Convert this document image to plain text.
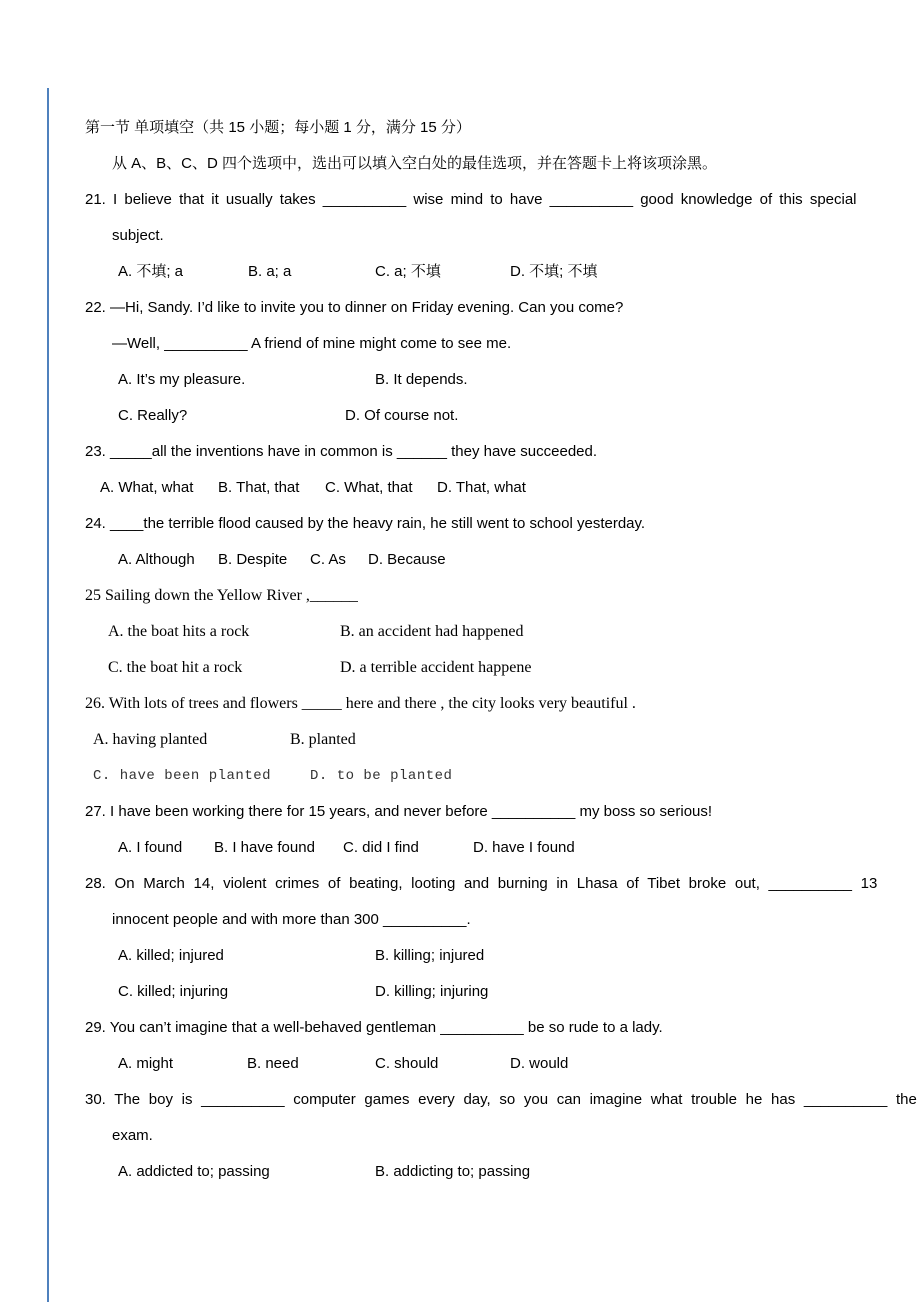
第一节 单项填空（共 15 小题；每小题 1 分，满分 15 分）
从 A、B、C、D 四个选项中，选出可以填入空白处的最佳选项，并在答题卡上将该项涂黑。
21. I believe that it usually takes __________ wise mind to have __________ good knowledge of this special
subject.
A. 不填; a	B. a; a	C. a; 不填	D. 不填; 不填
22. —Hi, Sandy. I’d like to invite you to dinner on Friday evening. Can you come?
—Well, __________ A friend of mine might come to see me.
A. It’s my pleasure.	B. It depends.
C. Really?	D. Of course not.
23. _____all the inventions have in common is ______ they have succeeded.
A. What, what B. That, that C. What, that D. That, what
24. ____the terrible flood caused by the heavy rain, he still went to school yesterday.
A. Although B. Despite C. As D. Because
25 Sailing down the Yellow River ,______
A. the boat hits a rock	B. an accident had happened
C. the boat hit a rock	D. a terrible accident happene
26. With lots of trees and flowers _____ here and there , the city looks very beautiful .
A. having planted	B. planted
C. have been planted	D. to be planted
27. I have been working there for 15 years, and never before __________ my boss so serious!
A. I found B. I have found C. did I find	D. have I found
28. On March 14, violent crimes of beating, looting and burning in Lhasa of Tibet broke out, __________ 13
innocent people and with more than 300 __________.
A. killed; injured	B. killing; injured
C. killed; injuring	D. killing; injuring
29. You can’t imagine that a well-behaved gentleman __________ be so rude to a lady.
A. might	B. need	C. should	D. would
30. The boy is __________ computer games every day, so you can imagine what trouble he has __________ the
exam.
A. addicted to; passing	B. addicting to; passing
